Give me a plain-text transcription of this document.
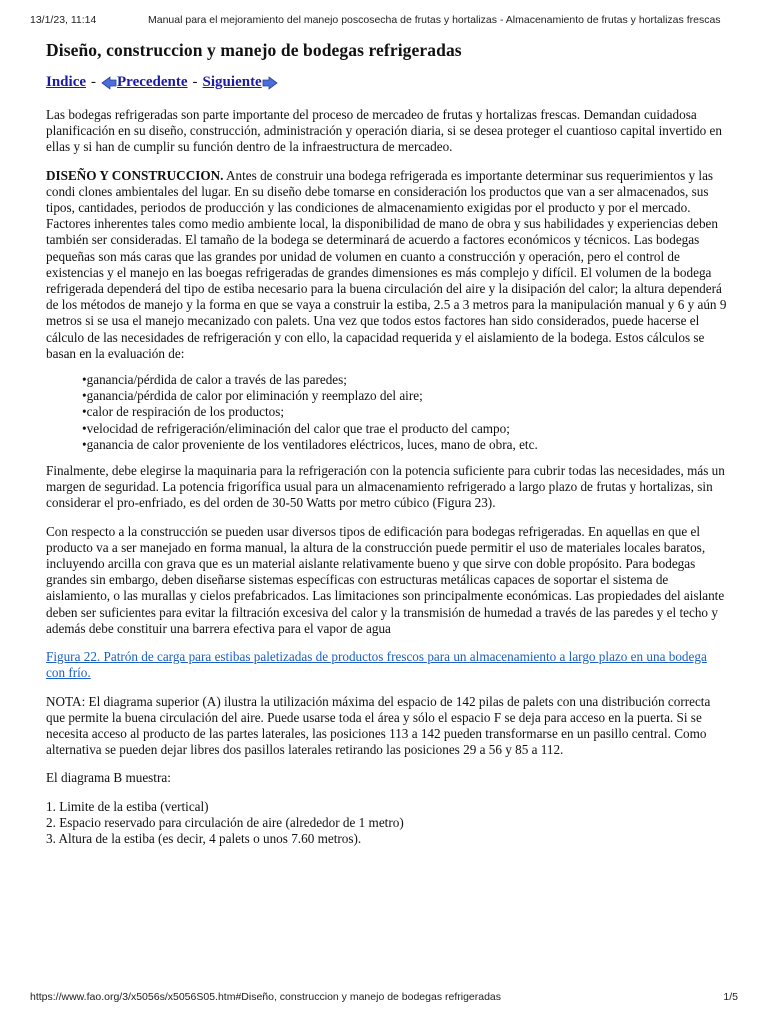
13/1/23, 11:14	Manual para el mejoramiento del manejo poscosecha de frutas y hortalizas - Almacenamiento de frutas y hortalizas frescas
Diseño, construccion y manejo de bodegas refrigeradas
Indice - Precedente - Siguiente

Las bodegas refrigeradas son parte importante del proceso de mercadeo de frutas y hortalizas frescas. Demandan cuidadosa planificación en su diseño, construcción, administración y operación diaria, si se desea proteger el cuantioso capital invertido en ellas y si han de cumplir su función dentro de la infraestructura de mercadeo.

DISEÑO Y CONSTRUCCION. Antes de construir una bodega refrigerada es importante determinar sus requerimientos y las condi clones ambientales del lugar. En su diseño debe tomarse en consideración los productos que van a ser almacenados, sus tipos, cantidades, periodos de producción y las condiciones de almacenamiento exigidas por el producto y por el mercado. Factores inherentes tales como medio ambiente local, la disponibilidad de mano de obra y sus habilidades y experiencias deben también ser consideradas. El tamaño de la bodega se determinará de acuerdo a factores económicos y técnicos. Las bodegas pequeñas son más caras que las grandes por unidad de volumen en cuanto a construcción y operación, pero el control de existencias y el manejo en las boegas refrigeradas de grandes dimensiones es más complejo y difícil. El volumen de la bodega refrigerada dependerá del tipo de estiba necesario para la buena circulación del aire y la disipación del calor; la altura dependerá de los métodos de manejo y la forma en que se vaya a construir la estiba, 2.5 a 3 metros para la manipulación manual y 6 y aún 9 metros si se usa el manejo mecanizado con palets. Una vez que todos estos factores han sido considerados, puede hacerse el cálculo de las necesidades de refrigeración y con ello, la capacidad requerida y el aislamiento de la bodega. Estos cálculos se basan en la evaluación de:

• ganancia/pérdida de calor a través de las paredes;
• ganancia/pérdida de calor por eliminación y reemplazo del aire;
• calor de respiración de los productos;
• velocidad de refrigeración/eliminación del calor que trae el producto del campo;
• ganancia de calor proveniente de los ventiladores eléctricos, luces, mano de obra, etc.

Finalmente, debe elegirse la maquinaria para la refrigeración con la potencia suficiente para cubrir todas las necesidades, más un margen de seguridad. La potencia frigorífica usual para un almacenamiento refrigerado a largo plazo de frutas y hortalizas, sin considerar el pro-enfriado, es del orden de 30-50 Watts por metro cúbico (Figura 23).

Con respecto a la construcción se pueden usar diversos tipos de edificación para bodegas refrigeradas. En aquellas en que el producto va a ser manejado en forma manual, la altura de la construcción puede permitir el uso de materiales locales baratos, incluyendo arcilla con grava que es un material aislante relativamente bueno y que sirve con doble propósito. Para bodegas grandes sin embargo, deben diseñarse sistemas específicas con estructuras metálicas capaces de soportar el sistema de aislamiento, o las murallas y cielos prefabricados. Las limitaciones son principalmente económicas. Las propiedades del aislante deben ser suficientes para evitar la filtración excesiva del calor y la transmisión de humedad a través de las paredes y el techo y además debe constituir una barrera efectiva para el vapor de agua

Figura 22. Patrón de carga para estibas paletizadas de productos frescos para un almacenamiento a largo plazo en una bodega con frío.

NOTA: El diagrama superior (A) ilustra la utilización máxima del espacio de 142 pilas de palets con una distribución correcta que permite la buena circulación del aire. Puede usarse toda el área y sólo el espacio F se deja para acceso en la puerta. Si se necesita acceso al producto de las partes laterales, las posiciones 113 a 142 pueden transformarse en un pasillo central. Como alternativa se pueden dejar libres dos pasillos laterales retirando las posiciones 29 a 56 y 85 a 112.

El diagrama B muestra:

1. Limite de la estiba (vertical)
2. Espacio reservado para circulación de aire (alrededor de 1 metro)
3. Altura de la estiba (es decir, 4 palets o unos 7.60 metros).
https://www.fao.org/3/x5056s/x5056S05.htm#Diseño, construccion y manejo de bodegas refrigeradas	1/5
